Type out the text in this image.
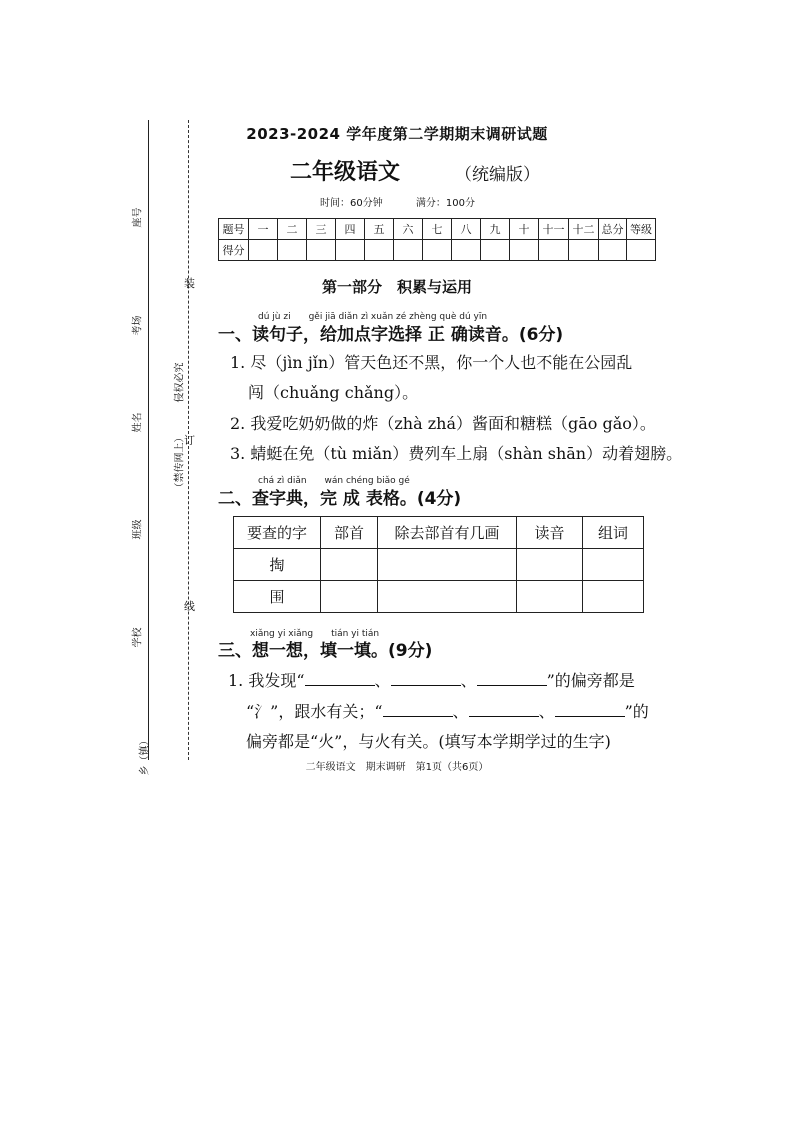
座号
考场
姓名
班级
学校
乡（镇）
侵权必究
（禁传网上）
装
订
线
2023-2024 学年度第二学期期末调研试题
二年级语文	（统编版）
时间：60分钟	满分：100分
题号	一	二	三	四	五	六	七	八	九	十	十一	十二	总分	等级
得分														
第一部分　积累与运用
dú jù zi　　gěi jiā diǎn zì xuǎn zé zhèng què dú yīn
一、读句子，给加点字选择 正 确读音。(6分)
1. 尽（jìn jǐn）管天色还不黑，你一个人也不能在公园乱
闯（chuǎng chǎng）。
2. 我爱吃奶奶做的炸（zhà zhá）酱面和糖糕（gāo gǎo）。
3. 蜻蜓在免（tù miǎn）费列车上扇（shàn shān）动着翅膀。
chá zì diǎn　　wán chéng biǎo gé
二、查字典，完 成 表格。(4分)
要查的字	部首	除去部首有几画	读音	组词
掏				
围				
xiǎng yi xiǎng　　tián yi tián
三、想一想，填一填。(9分)
1. 我发现“	、	、	”的偏旁都是
“氵”，跟水有关；“	、	、	”的
偏旁都是“火”，与火有关。(填写本学期学过的生字)
二年级语文　期末调研　第1页（共6页）
